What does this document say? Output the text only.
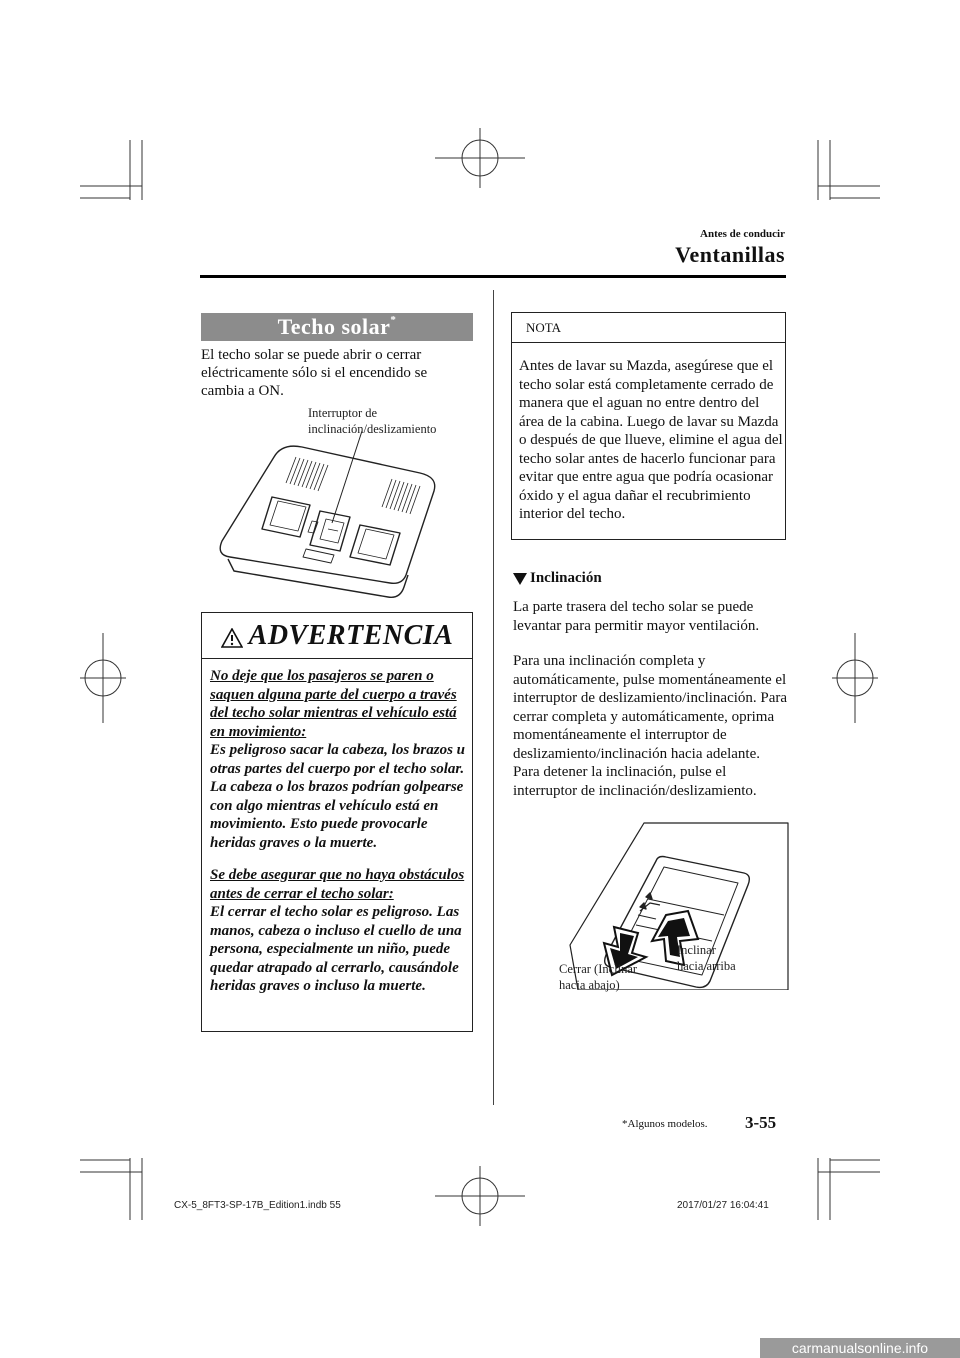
Antes de conducir
Ventanillas
Techo solar*
El techo solar se puede abrir o cerrar eléctricamente sólo si el encendido se cambia a ON.
Interruptor de
inclinación/deslizamiento
ADVERTENCIA

No deje que los pasajeros se paren o saquen alguna parte del cuerpo a través del techo solar mientras el vehículo está en movimiento:
Es peligroso sacar la cabeza, los brazos u otras partes del cuerpo por el techo solar. La cabeza o los brazos podrían golpearse con algo mientras el vehículo está en movimiento. Esto puede provocarle heridas graves o la muerte.

Se debe asegurar que no haya obstáculos antes de cerrar el techo solar:
El cerrar el techo solar es peligroso. Las manos, cabeza o incluso el cuello de una persona, especialmente un niño, puede quedar atrapado al cerrarlo, causándole heridas graves o incluso la muerte.

NOTA
Antes de lavar su Mazda, asegúrese que el techo solar está completamente cerrado de manera que el aguan no entre dentro del área de la cabina. Luego de lavar su Mazda o después de que llueve, elimine el agua del techo solar antes de hacerlo funcionar para evitar que entre agua que podría ocasionar óxido y el agua dañar el recubrimiento interior del techo.
Inclinación
La parte trasera del techo solar se puede levantar para permitir mayor ventilación.
Para una inclinación completa y automáticamente, pulse momentáneamente el interruptor de deslizamiento/inclinación. Para cerrar completa y automáticamente, oprima momentáneamente el interruptor de deslizamiento/inclinación hacia adelante. Para detener la inclinación, pulse el interruptor de inclinación/deslizamiento.
Cerrar (Inclinar
hacia abajo)
Inclinar
hacia arriba
*Algunos modelos. 3-55
CX-5_8FT3-SP-17B_Edition1.indb 55	2017/01/27 16:04:41
carmanualsonline.info
